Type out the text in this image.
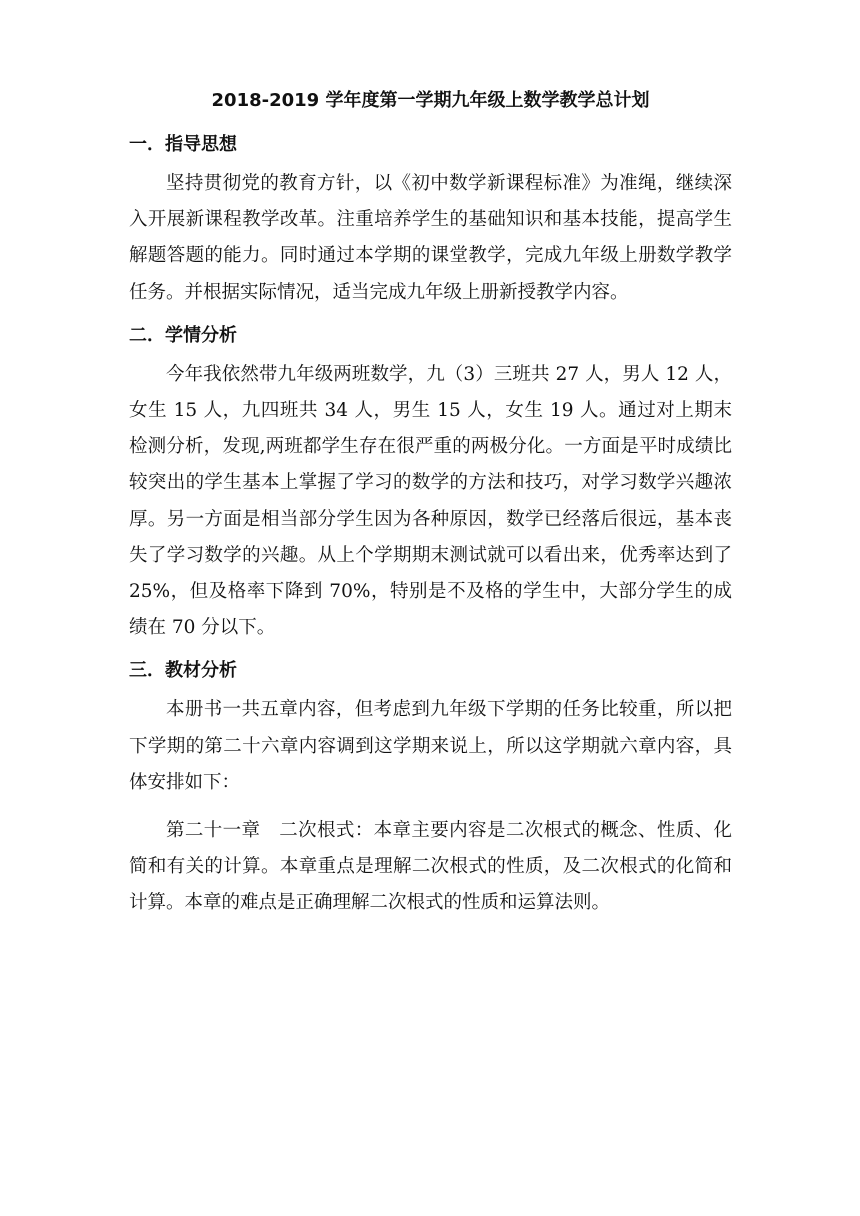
2018-2019 学年度第一学期九年级上数学教学总计划
一．指导思想

坚持贯彻党的教育方针，以《初中数学新课程标准》为准绳，继续深入开展新课程教学改革。注重培养学生的基础知识和基本技能，提高学生解题答题的能力。同时通过本学期的课堂教学，完成九年级上册数学教学任务。并根据实际情况，适当完成九年级上册新授教学内容。

二．学情分析

今年我依然带九年级两班数学，九（3）三班共 27 人，男人 12 人，女生 15 人，九四班共 34 人，男生 15 人，女生 19 人。通过对上期末检测分析，发现,两班都学生存在很严重的两极分化。一方面是平时成绩比较突出的学生基本上掌握了学习的数学的方法和技巧，对学习数学兴趣浓厚。另一方面是相当部分学生因为各种原因，数学已经落后很远，基本丧失了学习数学的兴趣。从上个学期期末测试就可以看出来，优秀率达到了 25%，但及格率下降到 70%，特别是不及格的学生中，大部分学生的成绩在 70 分以下。

三．教材分析

本册书一共五章内容，但考虑到九年级下学期的任务比较重，所以把 下学期的第二十六章内容调到这学期来说上，所以这学期就六章内容，具体安排如下：

第二十一章　二次根式：本章主要内容是二次根式的概念、性质、化简和有关的计算。本章重点是理解二次根式的性质，及二次根式的化简和计算。本章的难点是正确理解二次根式的性质和运算法则。
